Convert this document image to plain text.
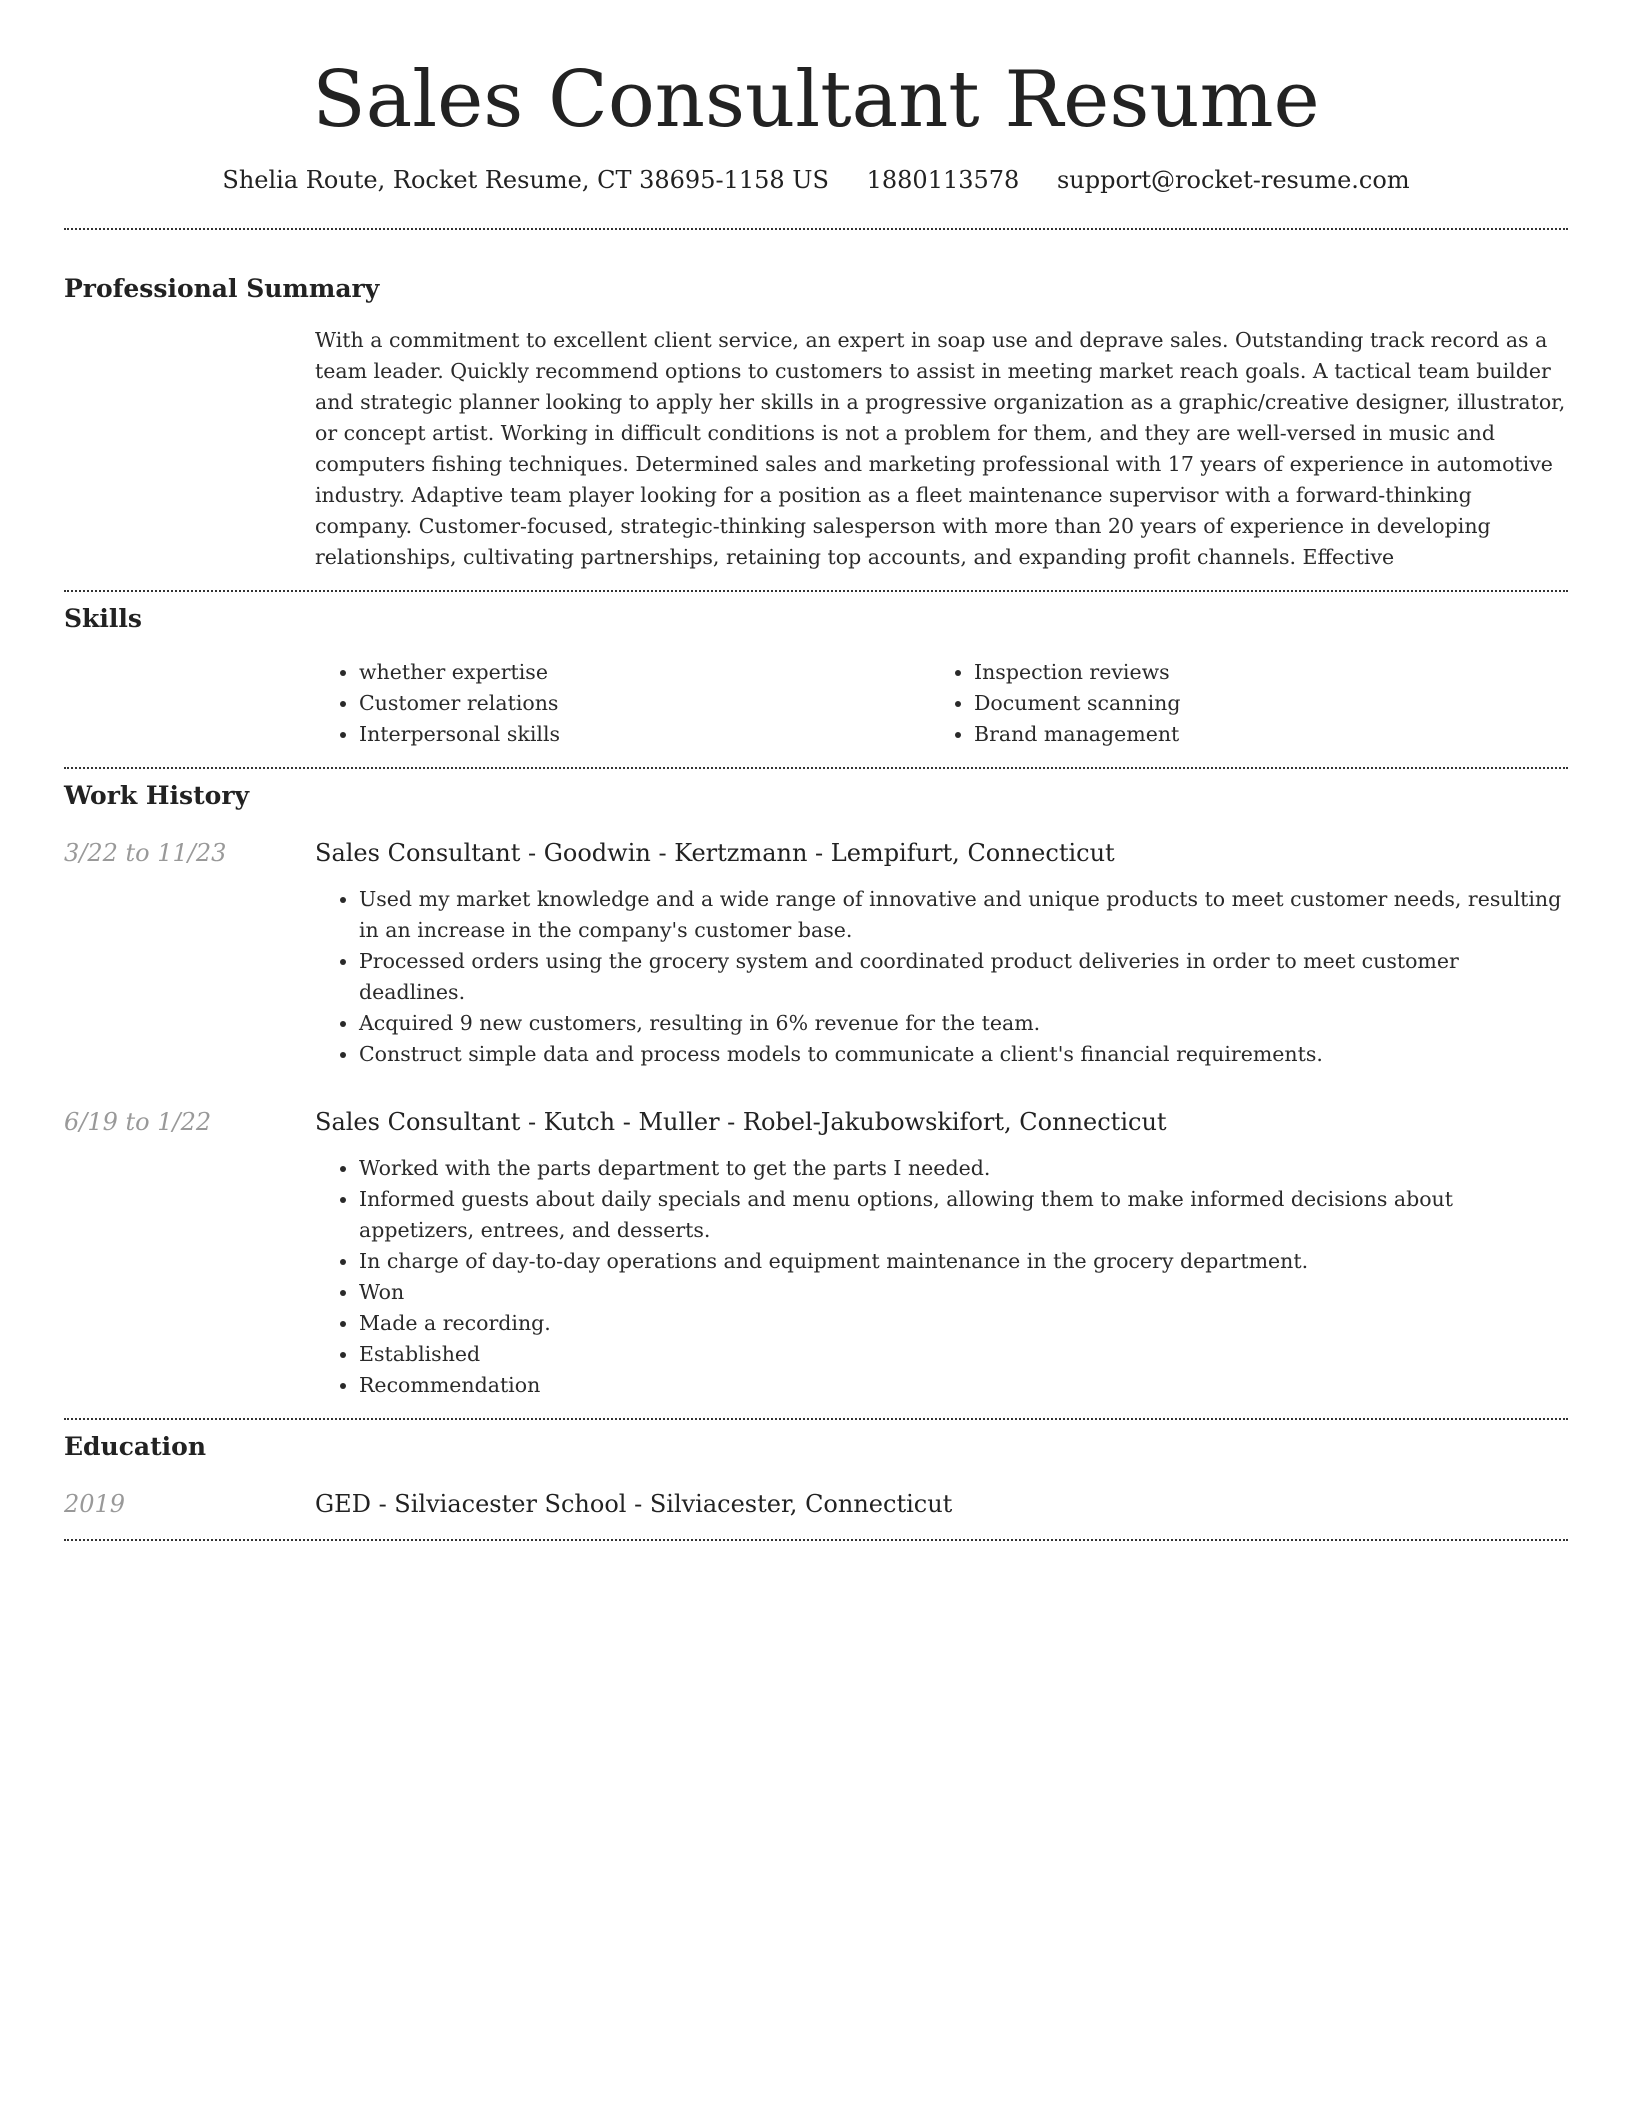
Sales Consultant Resume
Shelia Route, Rocket Resume, CT 38695-1158 US 1880113578 support@rocket-resume.com
Professional Summary
With a commitment to excellent client service, an expert in soap use and deprave sales. Outstanding track record as a team leader. Quickly recommend options to customers to assist in meeting market reach goals. A tactical team builder and strategic planner looking to apply her skills in a progressive organization as a graphic/creative designer, illustrator, or concept artist. Working in difficult conditions is not a problem for them, and they are well-versed in music and computers fishing techniques. Determined sales and marketing professional with 17 years of experience in automotive industry. Adaptive team player looking for a position as a fleet maintenance supervisor with a forward-thinking company. Customer-focused, strategic-thinking salesperson with more than 20 years of experience in developing relationships, cultivating partnerships, retaining top accounts, and expanding profit channels. Effective
Skills
• whether expertise
• Customer relations
• Interpersonal skills
• Inspection reviews
• Document scanning
• Brand management
Work History
3/22 to 11/23	Sales Consultant - Goodwin - Kertzmann - Lempifurt, Connecticut
• Used my market knowledge and a wide range of innovative and unique products to meet customer needs, resulting in an increase in the company's customer base.
• Processed orders using the grocery system and coordinated product deliveries in order to meet customer deadlines.
• Acquired 9 new customers, resulting in 6% revenue for the team.
• Construct simple data and process models to communicate a client's financial requirements.
6/19 to 1/22	Sales Consultant - Kutch - Muller - Robel-Jakubowskifort, Connecticut
• Worked with the parts department to get the parts I needed.
• Informed guests about daily specials and menu options, allowing them to make informed decisions about appetizers, entrees, and desserts.
• In charge of day-to-day operations and equipment maintenance in the grocery department.
• Won
• Made a recording.
• Established
• Recommendation
Education
2019	GED - Silviacester School - Silviacester, Connecticut
